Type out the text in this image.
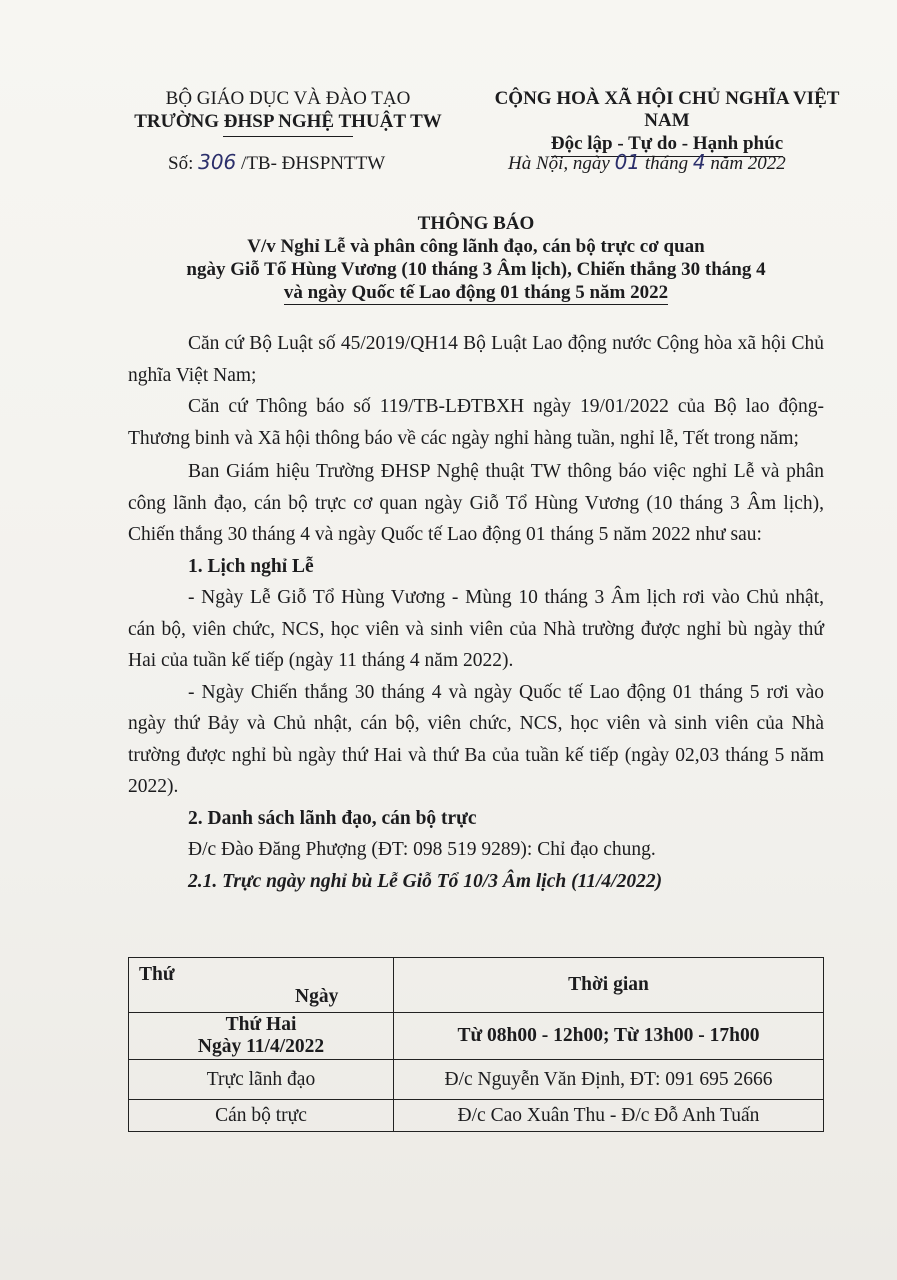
BỘ GIÁO DỤC VÀ ĐÀO TẠO
TRƯỜNG ĐHSP NGHỆ THUẬT TW
CỘNG HOÀ XÃ HỘI CHỦ NGHĨA VIỆT NAM
Độc lập - Tự do - Hạnh phúc
Số: 306 /TB- ĐHSPNTTW	Hà Nội, ngày 01 tháng 4 năm 2022
THÔNG BÁO
V/v Nghỉ Lễ và phân công lãnh đạo, cán bộ trực cơ quan
ngày Giỗ Tổ Hùng Vương (10 tháng 3 Âm lịch), Chiến thắng 30 tháng 4
và ngày Quốc tế Lao động 01 tháng 5 năm 2022
Căn cứ Bộ Luật số 45/2019/QH14 Bộ Luật Lao động nước Cộng hòa xã hội Chủ nghĩa Việt Nam;
Căn cứ Thông báo số 119/TB-LĐTBXH ngày 19/01/2022 của Bộ lao động-Thương binh và Xã hội thông báo về các ngày nghỉ hàng tuần, nghỉ lễ, Tết trong năm;
Ban Giám hiệu Trường ĐHSP Nghệ thuật TW thông báo việc nghỉ Lễ và phân công lãnh đạo, cán bộ trực cơ quan ngày Giỗ Tổ Hùng Vương (10 tháng 3 Âm lịch), Chiến thắng 30 tháng 4 và ngày Quốc tế Lao động 01 tháng 5 năm 2022 như sau:
1. Lịch nghỉ Lễ
- Ngày Lễ Giỗ Tổ Hùng Vương - Mùng 10 tháng 3 Âm lịch rơi vào Chủ nhật, cán bộ, viên chức, NCS, học viên và sinh viên của Nhà trường được nghỉ bù ngày thứ Hai của tuần kế tiếp (ngày 11 tháng 4 năm 2022).
- Ngày Chiến thắng 30 tháng 4 và ngày Quốc tế Lao động 01 tháng 5 rơi vào ngày thứ Bảy và Chủ nhật, cán bộ, viên chức, NCS, học viên và sinh viên của Nhà trường được nghỉ bù ngày thứ Hai và thứ Ba của tuần kế tiếp (ngày 02,03 tháng 5 năm 2022).
2. Danh sách lãnh đạo, cán bộ trực
Đ/c Đào Đăng Phượng (ĐT: 098 519 9289): Chỉ đạo chung.
2.1. Trực ngày nghỉ bù Lễ Giỗ Tổ 10/3 Âm lịch (11/4/2022)
Thứ
Ngày	Thời gian

Thứ Hai
Ngày 11/4/2022	Từ 08h00 - 12h00; Từ 13h00 - 17h00
Trực lãnh đạo	Đ/c Nguyễn Văn Định, ĐT: 091 695 2666
Cán bộ trực	Đ/c Cao Xuân Thu - Đ/c Đỗ Anh Tuấn
